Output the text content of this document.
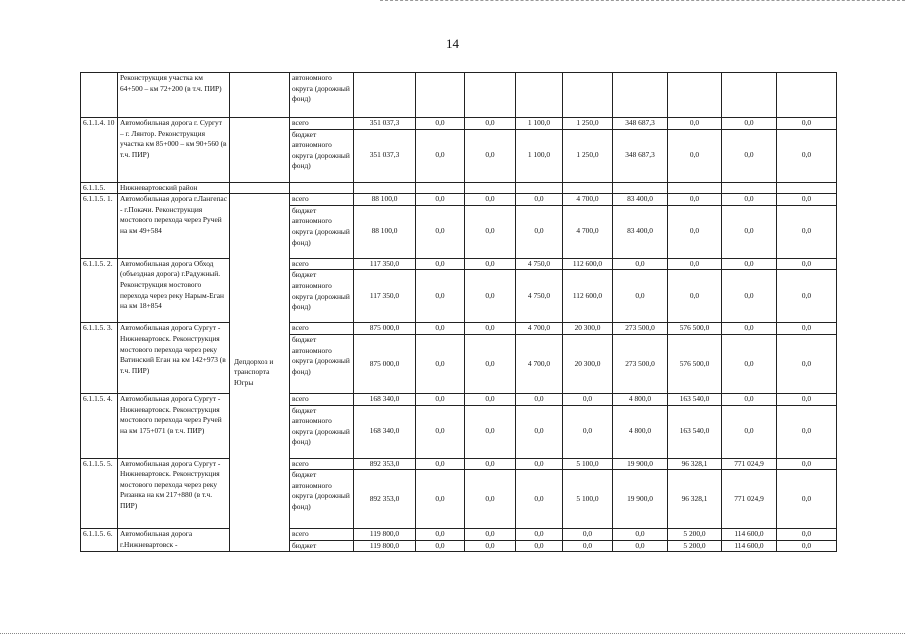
14
	Реконструкция участка км 64+500 – км 72+200 (в т.ч. ПИР)		автономного округа (дорожный фонд)									
6.1.1.4. 10	Автомобильная дорога г. Сургут – г. Лянтор. Реконструкция участка км 85+000 – км 90+560 (в т.ч. ПИР)		всего	351 037,3	0,0	0,0	1 100,0	1 250,0	348 687,3	0,0	0,0	0,0
			бюджет автономного округа (дорожный фонд)	351 037,3	0,0	0,0	1 100,0	1 250,0	348 687,3	0,0	0,0	0,0
6.1.1.5.	Нижневартовский район											
6.1.1.5. 1.	Автомобильная дорога г.Лангепас - г.Покачи. Реконструкция мостового перехода через Ручей на км 49+584	Депдорхоз и транспорта Югры	всего	88 100,0	0,0	0,0	0,0	4 700,0	83 400,0	0,0	0,0	0,0
			бюджет автономного округа (дорожный фонд)	88 100,0	0,0	0,0	0,0	4 700,0	83 400,0	0,0	0,0	0,0
6.1.1.5. 2.	Автомобильная дорога Обход (объездная дорога) г.Радужный. Реконструкция мостового перехода через реку Нарым-Еган на км 18+854		всего	117 350,0	0,0	0,0	4 750,0	112 600,0	0,0	0,0	0,0	0,0
			бюджет автономного округа (дорожный фонд)	117 350,0	0,0	0,0	4 750,0	112 600,0	0,0	0,0	0,0	0,0
6.1.1.5. 3.	Автомобильная дорога Сургут - Нижневартовск. Реконструкция мостового перехода через реку Ватинский Еган на км 142+973 (в т.ч. ПИР)		всего	875 000,0	0,0	0,0	4 700,0	20 300,0	273 500,0	576 500,0	0,0	0,0
			бюджет автономного округа (дорожный фонд)	875 000,0	0,0	0,0	4 700,0	20 300,0	273 500,0	576 500,0	0,0	0,0
6.1.1.5. 4.	Автомобильная дорога Сургут - Нижневартовск. Реконструкция мостового перехода через Ручей на км 175+071 (в т.ч. ПИР)		всего	168 340,0	0,0	0,0	0,0	0,0	4 800,0	163 540,0	0,0	0,0
			бюджет автономного округа (дорожный фонд)	168 340,0	0,0	0,0	0,0	0,0	4 800,0	163 540,0	0,0	0,0
6.1.1.5. 5.	Автомобильная дорога Сургут - Нижневартовск. Реконструкция мостового перехода через реку Ризанка на км 217+880 (в т.ч. ПИР)		всего	892 353,0	0,0	0,0	0,0	5 100,0	19 900,0	96 328,1	771 024,9	0,0
			бюджет автономного округа (дорожный фонд)	892 353,0	0,0	0,0	0,0	5 100,0	19 900,0	96 328,1	771 024,9	0,0
6.1.1.5. 6.	Автомобильная дорога г.Нижневартовск -		всего	119 800,0	0,0	0,0	0,0	0,0	0,0	5 200,0	114 600,0	0,0
			бюджет	119 800,0	0,0	0,0	0,0	0,0	0,0	5 200,0	114 600,0	0,0
